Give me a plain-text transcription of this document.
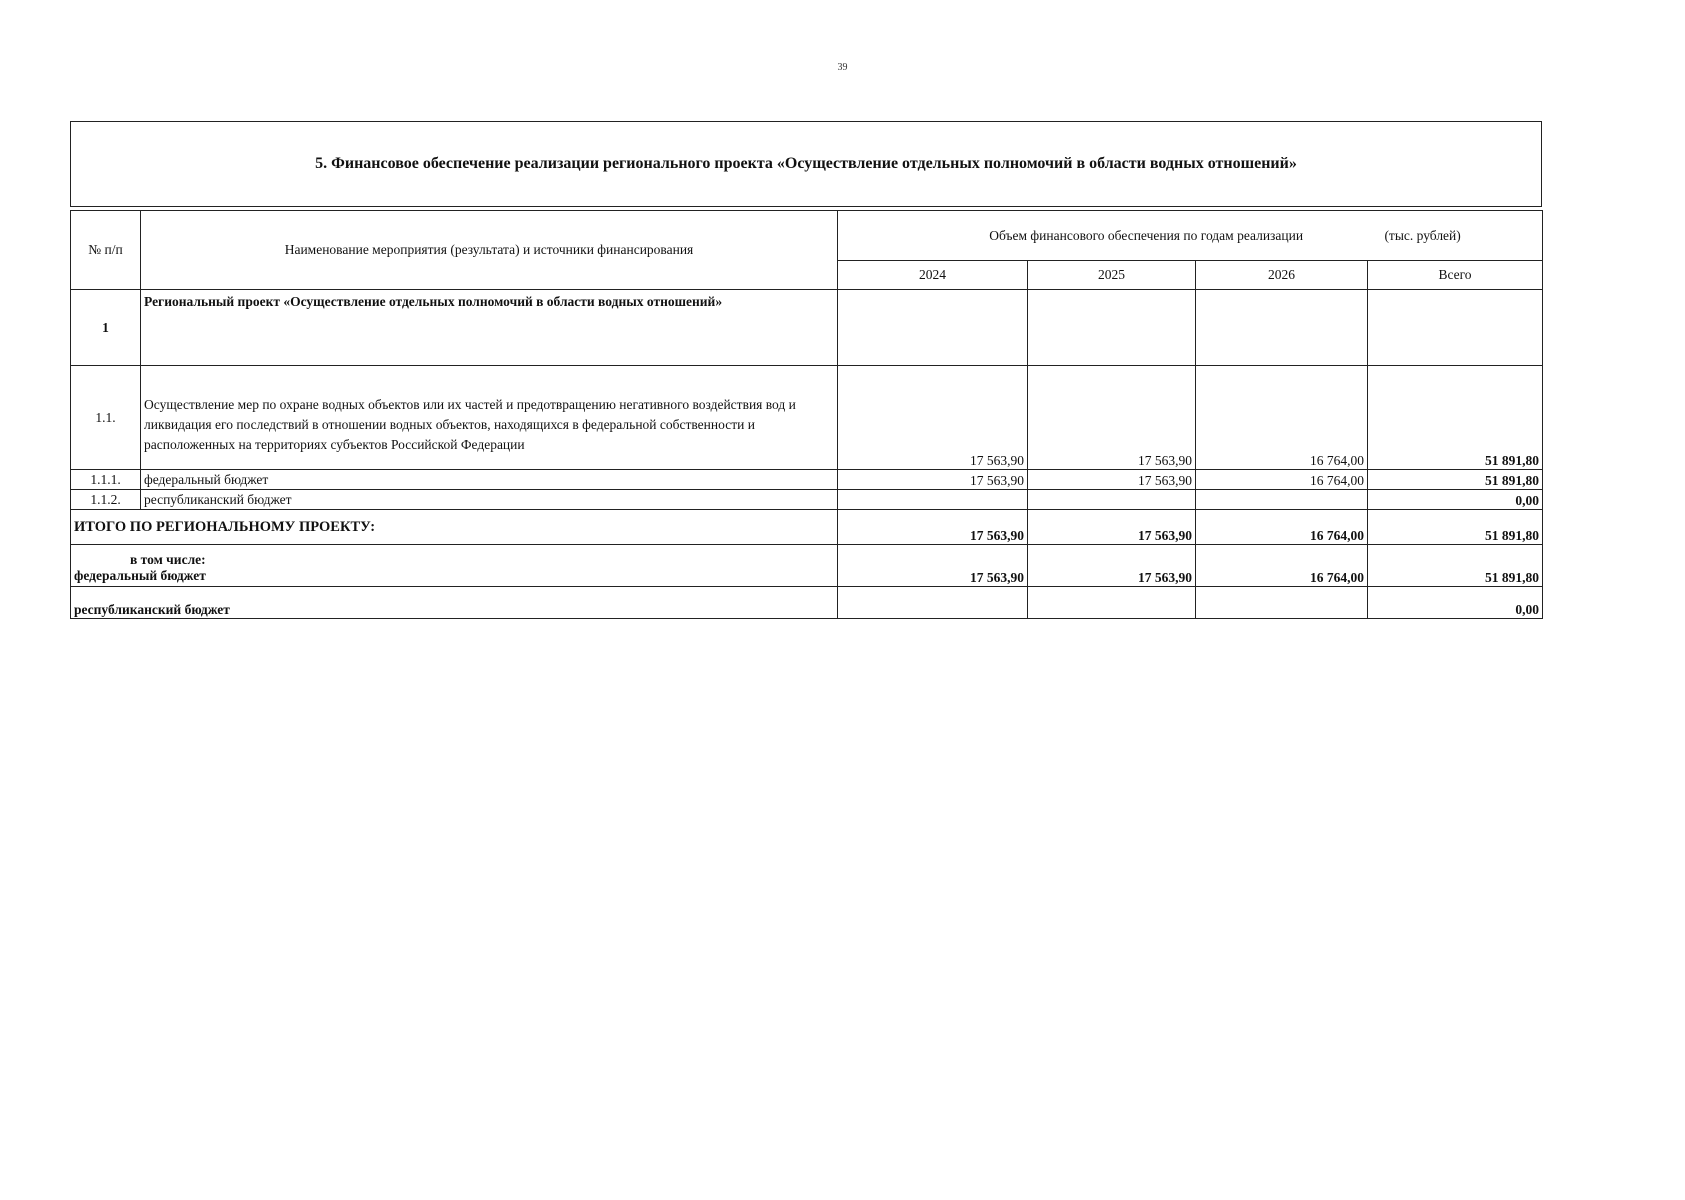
39
5. Финансовое обеспечение реализации регионального проекта «Осуществление отдельных полномочий в области водных отношений»
№ п/п	Наименование мероприятия (результата) и источники финансирования	Объем финансового обеспечения по годам реализации (тыс. рублей)			
		2024	2025	2026	Всего
1	Региональный проект «Осуществление отдельных полномочий в области водных отношений»				
1.1.	Осуществление мер по охране водных объектов или их частей и предотвращению негативного воздействия вод и ликвидация его последствий в отношении водных объектов, находящихся в федеральной собственности и расположенных на территориях субъектов Российской Федерации	17 563,90	17 563,90	16 764,00	51 891,80
1.1.1.	федеральный бюджет	17 563,90	17 563,90	16 764,00	51 891,80
1.1.2.	республиканский бюджет				0,00
ИТОГО ПО РЕГИОНАЛЬНОМУ ПРОЕКТУ:		17 563,90	17 563,90	16 764,00	51 891,80

в том числе:
федеральный бюджет		17 563,90	17 563,90	16 764,00	51 891,80
республиканский бюджет					0,00
